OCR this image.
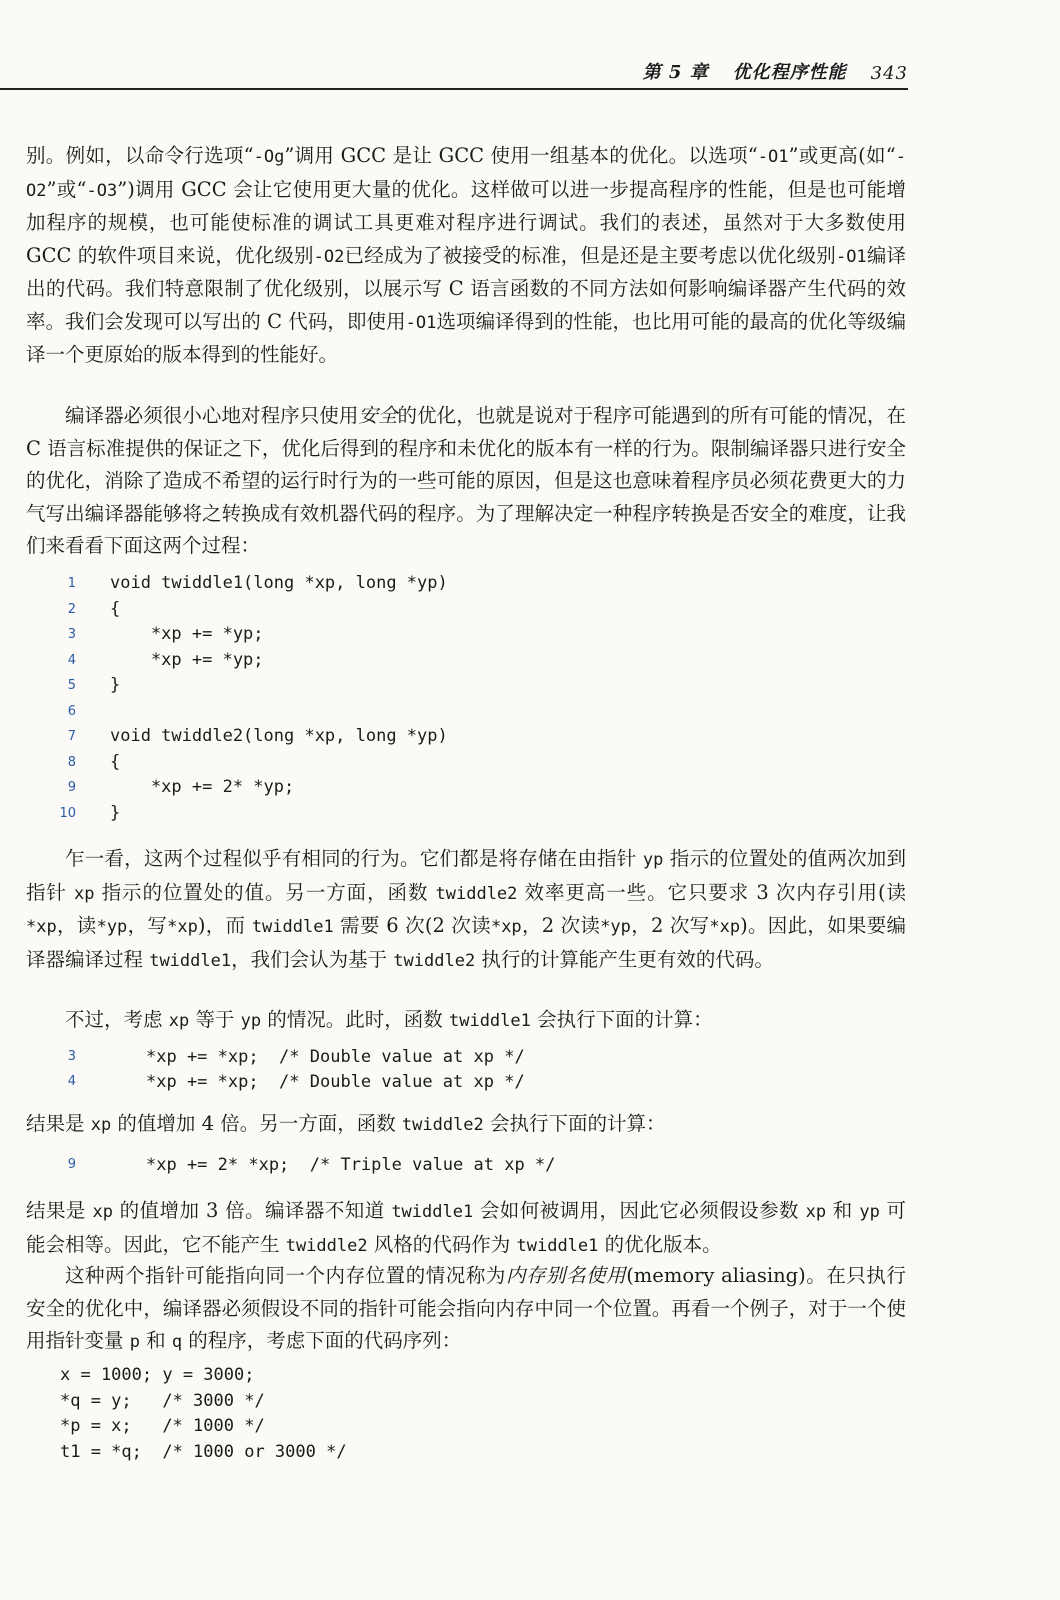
第 5 章 优化程序性能 343

别。例如，以命令行选项“-Og”调用 GCC 是让 GCC 使用一组基本的优化。以选项“-O1”或更高(如“-O2”或“-O3”)调用 GCC 会让它使用更大量的优化。这样做可以进一步提高程序的性能，但是也可能增加程序的规模，也可能使标准的调试工具更难对程序进行调试。我们的表述，虽然对于大多数使用 GCC 的软件项目来说，优化级别-O2已经成为了被接受的标准，但是还是主要考虑以优化级别-O1编译出的代码。我们特意限制了优化级别，以展示写 C 语言函数的不同方法如何影响编译器产生代码的效率。我们会发现可以写出的 C 代码，即使用-O1选项编译得到的性能，也比用可能的最高的优化等级编译一个更原始的版本得到的性能好。

编译器必须很小心地对程序只使用安全的优化，也就是说对于程序可能遇到的所有可能的情况，在 C 语言标准提供的保证之下，优化后得到的程序和未优化的版本有一样的行为。限制编译器只进行安全的优化，消除了造成不希望的运行时行为的一些可能的原因，但是这也意味着程序员必须花费更大的力气写出编译器能够将之转换成有效机器代码的程序。为了理解决定一种程序转换是否安全的难度，让我们来看看下面这两个过程：

1 void twiddle1(long *xp, long *yp)
2 {
3 *xp += *yp;
4 *xp += *yp;
5 }
6
7 void twiddle2(long *xp, long *yp)
8 {
9 *xp += 2* *yp;
10 }

乍一看，这两个过程似乎有相同的行为。它们都是将存储在由指针 yp 指示的位置处的值两次加到指针 xp 指示的位置处的值。另一方面，函数 twiddle2 效率更高一些。它只要求 3 次内存引用(读*xp，读*yp，写*xp)，而 twiddle1 需要 6 次(2 次读*xp，2 次读*yp，2 次写*xp)。因此，如果要编译器编译过程 twiddle1，我们会认为基于 twiddle2 执行的计算能产生更有效的代码。

不过，考虑 xp 等于 yp 的情况。此时，函数 twiddle1 会执行下面的计算：

3	*xp += *xp;  /* Double value at xp */
4	*xp += *xp;  /* Double value at xp */

结果是 xp 的值增加 4 倍。另一方面，函数 twiddle2 会执行下面的计算：

9	*xp += 2* *xp;  /* Triple value at xp */

结果是 xp 的值增加 3 倍。编译器不知道 twiddle1 会如何被调用，因此它必须假设参数 xp 和 yp 可能会相等。因此，它不能产生 twiddle2 风格的代码作为 twiddle1 的优化版本。

这种两个指针可能指向同一个内存位置的情况称为内存别名使用(memory aliasing)。在只执行安全的优化中，编译器必须假设不同的指针可能会指向内存中同一个位置。再看一个例子，对于一个使用指针变量 p 和 q 的程序，考虑下面的代码序列：

x = 1000; y = 3000;
*q = y;   /* 3000 */
*p = x;   /* 1000 */
t1 = *q;  /* 1000 or 3000 */
